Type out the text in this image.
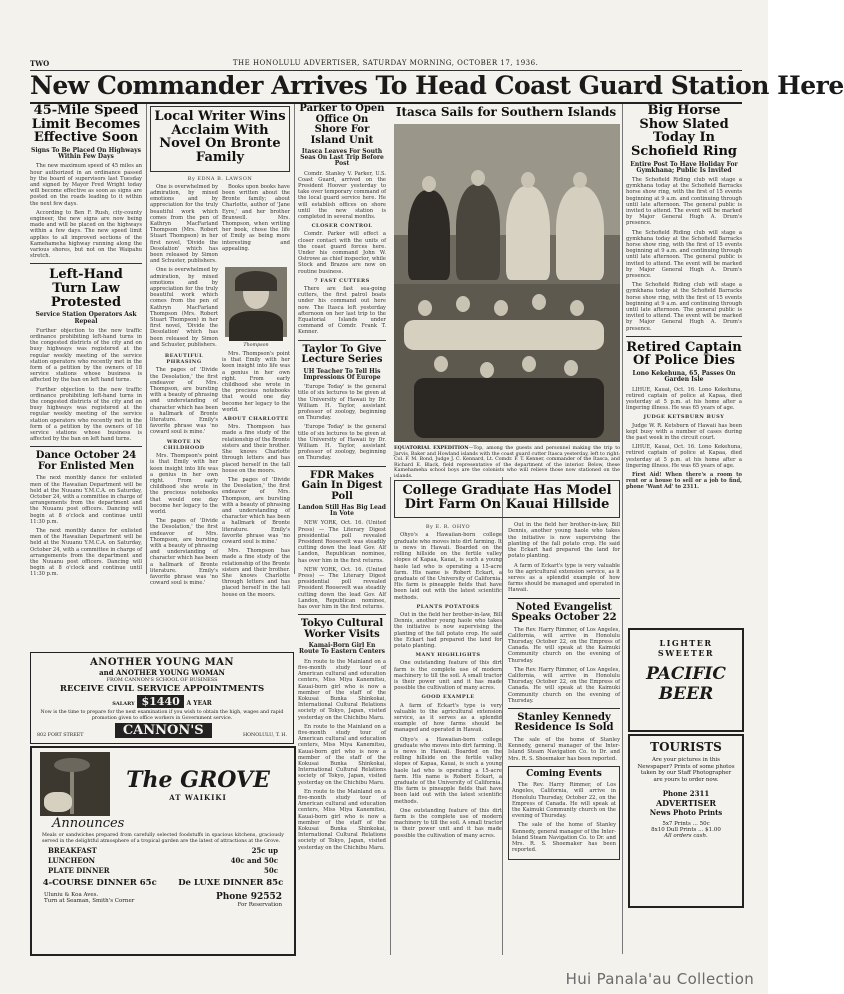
TWO	THE HONOLULU ADVERTISER, SATURDAY MORNING, OCTOBER 17, 1936.
New Commander Arrives To Head Coast Guard Station Here
45-Mile Speed Limit Becomes Effective Soon
Signs To Be Placed On Highways Within Few Days

The new maximum speed of 45 miles an hour authorized in an ordinance passed by the board of supervisors last Tuesday and signed by Mayor Fred Wright today will become effective as soon as signs are posted on the roads leading to it within the next few days.

According to Ben F. Rush, city-county engineer, the new signs are now being made and will be placed on the highways within a few days. The new speed limit applies to all improved sections of the Kamehameha highway running along the various shores, but not on the Waipahu stretch.

Left-Hand Turn Law Protested
Service Station Operators Ask Repeal

Further objection to the new traffic ordinance prohibiting left-hand turns in the congested districts of the city and on busy highways was registered at the regular weekly meeting of the service station operators who recently met in the form of a petition by the owners of 18 service stations whose business is affected by the ban on left hand turns.

Further objection to the new traffic ordinance prohibiting left-hand turns in the congested districts of the city and on busy highways was registered at the regular weekly meeting of the service station operators who recently met in the form of a petition by the owners of 18 service stations whose business is affected by the ban on left hand turns.

Dance October 24 For Enlisted Men

The next monthly dance for enlisted men of the Hawaiian Department will be held at the Nuuanu Y.M.C.A. on Saturday, October 24, with a committee in charge of arrangements from the department and the Nuuanu post officers. Dancing will begin at 8 o'clock and continue until 11:30 p.m.

The next monthly dance for enlisted men of the Hawaiian Department will be held at the Nuuanu Y.M.C.A. on Saturday, October 24, with a committee in charge of arrangements from the department and the Nuuanu post officers. Dancing will begin at 8 o'clock and continue until 11:30 p.m.

Local Writer Wins Acclaim With Novel On Bronte Family
By EDNA B. LAWSON

One is overwhelmed by admiration, by mixed emotions and by appreciation for the truly beautiful work which comes from the pen of Kathryn MacFarland Thompson (Mrs. Robert Stuart Thompson) in her first novel, 'Divide the Desolation' which has been released by Simon and Schuster, publishers.

Books upon books have been written about the Bronte family; about Charlotte, author of 'Jane Eyre,' and her brother Branwell. Mrs. Thompson, when writing her book, chose the life of Emily as being more interesting and appealing.

One is overwhelmed by admiration, by mixed emotions and by appreciation for the truly beautiful work which comes from the pen of Kathryn MacFarland Thompson (Mrs. Robert Stuart Thompson) in her first novel, 'Divide the Desolation' which has been released by Simon and Schuster, publishers.	Thompson
BEAUTIFUL PHRASING

The pages of 'Divide the Desolation,' the first endeavor of Mrs. Thompson, are bursting with a beauty of phrasing and understanding of character which has been a hallmark of Bronte literature. Emily's favorite phrase was 'no coward soul is mine.'

WROTE IN CHILDHOOD

Mrs. Thompson's point is that Emily with her keen insight into life was a genius in her own right. From early childhood she wrote in the precious notebooks that would one day become her legacy to the world.

The pages of 'Divide the Desolation,' the first endeavor of Mrs. Thompson, are bursting with a beauty of phrasing and understanding of character which has been a hallmark of Bronte literature. Emily's favorite phrase was 'no coward soul is mine.'

Mrs. Thompson's point is that Emily with her keen insight into life was a genius in her own right. From early childhood she wrote in the precious notebooks that would one day become her legacy to the world.

ABOUT CHARLOTTE

Mrs. Thompson has made a fine study of the relationship of the Bronte sisters and their brother. She knows Charlotte through letters and has placed herself in the tall house on the moors.

The pages of 'Divide the Desolation,' the first endeavor of Mrs. Thompson, are bursting with a beauty of phrasing and understanding of character which has been a hallmark of Bronte literature. Emily's favorite phrase was 'no coward soul is mine.'

Mrs. Thompson has made a fine study of the relationship of the Bronte sisters and their brother. She knows Charlotte through letters and has placed herself in the tall house on the moors.

Parker to Open Office On Shore For Island Unit
Itasca Leaves For South Seas On Last Trip Before Post

Comdr. Stanley V. Parker, U.S. Coast Guard, arrived on the President Hoover yesterday to take over temporary command of the local guard service here. He will establish offices on shore until the new station is completed in several months.

CLOSER CONTROL

Comdr. Parker will effect a closer contact with the units of the coast guard forces here. Under his command John W. Ostrowe as chief inspector, while Stock and Brazos are now on routine business.

7 FAST CUTTERS

There are fast sea-going cutters, the first patrol boats under his command out here now. The Itasca left yesterday afternoon on her last trip to the Equatorial Islands under command of Comdr. Frank T. Kenner.

Taylor To Give Lecture Series
UH Teacher To Tell His Impressions Of Europe

'Europe Today' is the general title of six lectures to be given at the University of Hawaii by Dr. William H. Taylor, assistant professor of zoology, beginning on Thursday.

'Europe Today' is the general title of six lectures to be given at the University of Hawaii by Dr. William H. Taylor, assistant professor of zoology, beginning on Thursday.

FDR Makes Gain In Digest Poll
Landon Still Has Big Lead In Vote

NEW YORK, Oct. 16. (United Press) — The Literary Digest presidential poll revealed President Roosevelt was steadily cutting down the lead Gov. Alf Landon, Republican nominee, has over him in the first returns.

NEW YORK, Oct. 16. (United Press) — The Literary Digest presidential poll revealed President Roosevelt was steadily cutting down the lead Gov. Alf Landon, Republican nominee, has over him in the first returns.

Tokyo Cultural Worker Visits
Kamai-Born Girl En Route To Eastern Centers

En route to the Mainland on a five-month study tour of American cultural and education centers, Miss Miya Kanemitsu, Kauai-born girl who is now a member of the staff of the Kokusai Bunka Shinkokai, International Cultural Relations society of Tokyo, Japan, visited yesterday on the Chichibu Maru.

En route to the Mainland on a five-month study tour of American cultural and education centers, Miss Miya Kanemitsu, Kauai-born girl who is now a member of the staff of the Kokusai Bunka Shinkokai, International Cultural Relations society of Tokyo, Japan, visited yesterday on the Chichibu Maru.

En route to the Mainland on a five-month study tour of American cultural and education centers, Miss Miya Kanemitsu, Kauai-born girl who is now a member of the staff of the Kokusai Bunka Shinkokai, International Cultural Relations society of Tokyo, Japan, visited yesterday on the Chichibu Maru.

Itasca Sails for Southern Islands
EQUATORIAL EXPEDITION—Top, among the guests and personnel making the trip to Jarvis, Baker and Howland islands with the coast guard cutter Itasca yesterday, left to right: Col. F. M. Bond, Judge J. C. Kennard, Lt. Comdr. F. T. Kenner, commander of the Itasca, and Richard E. Black, field representative of the department of the interior. Below, these Kamehameha school boys are the colonists who will relieve those now stationed on the islands.
College Graduate Has Model Dirt Farm On Kauai Hillside
By E. R. OHYO

Ohyo's a Hawaiian-born college graduate who moves into dirt farming. It is news in Hawaii. Boarded on the rolling hillside on the fertile valley slopes of Kapaa, Kauai, is such a young haole lad who is operating a 15-acre farm. His name is Robert Eckart, a graduate of the University of California. His farm is pineapple fields that have been laid out with the latest scientific methods.

PLANTS POTATOES

Out in the field her brother-in-law, Bill Dennis, another young haole who takes the initiative is now supervising the planting of the fall potato crop. He said the Eckart had prepared the land for potato planting.

MANY HIGHLIGHTS

One outstanding feature of this dirt farm is the complete use of modern machinery to till the soil. A small tractor is their power unit and it has made possible the cultivation of many acres.

GOOD EXAMPLE

A farm of Eckart's type is very valuable to the agricultural extension service, as it serves as a splendid example of how farms should be managed and operated in Hawaii.

Ohyo's a Hawaiian-born college graduate who moves into dirt farming. It is news in Hawaii. Boarded on the rolling hillside on the fertile valley slopes of Kapaa, Kauai, is such a young haole lad who is operating a 15-acre farm. His name is Robert Eckart, a graduate of the University of California. His farm is pineapple fields that have been laid out with the latest scientific methods.

One outstanding feature of this dirt farm is the complete use of modern machinery to till the soil. A small tractor is their power unit and it has made possible the cultivation of many acres.

Out in the field her brother-in-law, Bill Dennis, another young haole who takes the initiative is now supervising the planting of the fall potato crop. He said the Eckart had prepared the land for potato planting.

A farm of Eckart's type is very valuable to the agricultural extension service, as it serves as a splendid example of how farms should be managed and operated in Hawaii.

Noted Evangelist Speaks October 22

The Rev. Harry Rimmer, of Los Angeles, California, will arrive in Honolulu Thursday, October 22, on the Empress of Canada. He will speak at the Kaimuki Community church on the evening of Thursday.

The Rev. Harry Rimmer, of Los Angeles, California, will arrive in Honolulu Thursday, October 22, on the Empress of Canada. He will speak at the Kaimuki Community church on the evening of Thursday.

Stanley Kennedy Residence Is Sold

The sale of the home of Stanley Kennedy, general manager of the Inter-Island Steam Navigation Co. to Dr. and Mrs. R. S. Shoemaker has been reported.

Coming Events

The Rev. Harry Rimmer, of Los Angeles, California, will arrive in Honolulu Thursday, October 22, on the Empress of Canada. He will speak at the Kaimuki Community church on the evening of Thursday.

The sale of the home of Stanley Kennedy, general manager of the Inter-Island Steam Navigation Co. to Dr. and Mrs. R. S. Shoemaker has been reported.

Big Horse Show Slated Today In Schofield Ring
Entire Post To Have Holiday For Gymkhana; Public Is Invited

The Schofield Riding club will stage a gymkhana today at the Schofield Barracks horse show ring, with the first of 15 events beginning at 9 a.m. and continuing through until late afternoon. The general public is invited to attend. The event will be marked by Major General Hugh A. Drum's presence.

The Schofield Riding club will stage a gymkhana today at the Schofield Barracks horse show ring, with the first of 15 events beginning at 9 a.m. and continuing through until late afternoon. The general public is invited to attend. The event will be marked by Major General Hugh A. Drum's presence.

The Schofield Riding club will stage a gymkhana today at the Schofield Barracks horse show ring, with the first of 15 events beginning at 9 a.m. and continuing through until late afternoon. The general public is invited to attend. The event will be marked by Major General Hugh A. Drum's presence.

Retired Captain Of Police Dies
Lono Kekehuna, 65, Passes On Garden Isle

LIHUE, Kauai, Oct. 16. Lono Kekehuna, retired captain of police at Kapaa, died yesterday at 5 p.m. at his home after a lingering illness. He was 65 years of age.

JUDGE KETSBURN BUSY

Judge W. R. Ketsburn of Hawaii has been kept busy with a number of cases during the past week in the circuit court.

LIHUE, Kauai, Oct. 16. Lono Kekehuna, retired captain of police at Kapaa, died yesterday at 5 p.m. at his home after a lingering illness. He was 65 years of age.

First Aid! When there's a room to rent or a house to sell or a job to find, phone 'Want Ad' to 2311.

ANOTHER YOUNG MAN
and ANOTHER YOUNG WOMAN
FROM CANNON'S SCHOOL OF BUSINESS
RECEIVE CIVIL SERVICE APPOINTMENTS
SALARY $1440 A YEAR
Now is the time to prepare for the next examination if you wish to obtain the high, wages and rapid promotion given to office workers in Government service.
802 FORT STREET	CANNON'S	HONOLULU, T. H.
The GROVE
AT WAIKIKI
Announces
Meals or sandwiches prepared from carefully selected foodstuffs in spacious kitchens, graciously served in the delightful atmosphere of a tropical garden are the latest of attractions at the Grove.
BREAKFAST	25c up
LUNCHEON	40c and 50c
PLATE DINNER	50c
4-COURSE DINNER 65c	De LUXE DINNER 85c
Uluniu & Koa Aves.
Turn at Seaman, Smith's Corner	Phone 92552
For Reservation
LIGHTER
SWEETER
PACIFIC
BEER
TOURISTS
Are your pictures in this Newspaper? Prints of some photos taken by our Staff Photographer are yours to order now.
Phone 2311
ADVERTISER
News Photo Prints
5x7 Prints ... 50c
8x10 Dull Prints ... $1.00
All orders cash.
Hui Panala'au Collection
